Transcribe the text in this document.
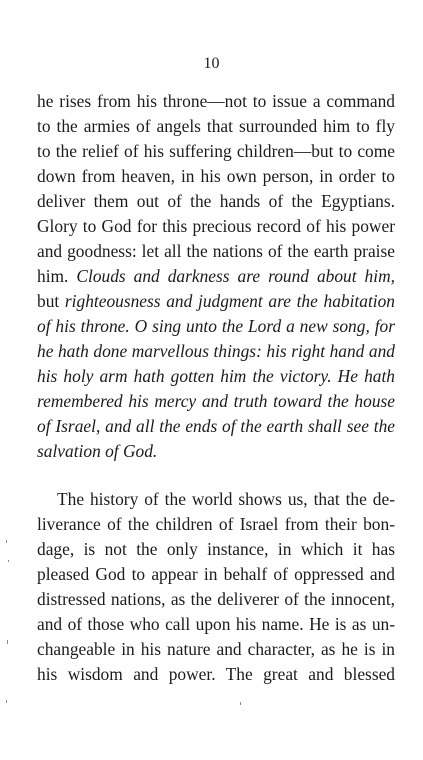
10
he rises from his throne—not to issue a command
to the armies of angels that surrounded him to fly
to the relief of his suffering children—but to come
down from heaven, in his own person, in order to
deliver them out of the hands of the Egyptians.
Glory to God for this precious record of his power
and goodness: let all the nations of the earth praise
him. Clouds and darkness are round about him,
but righteousness and judgment are the habitation
of his throne. O sing unto the Lord a new song, for
he hath done marvellous things: his right hand and
his holy arm hath gotten him the victory. He hath
remembered his mercy and truth toward the house
of Israel, and all the ends of the earth shall see the
salvation of God.
The history of the world shows us, that the de-
liverance of the children of Israel from their bon-
dage, is not the only instance, in which it has
pleased God to appear in behalf of oppressed and
distressed nations, as the deliverer of the innocent,
and of those who call upon his name. He is as un-
changeable in his nature and character, as he is in
his wisdom and power. The great and blessed
